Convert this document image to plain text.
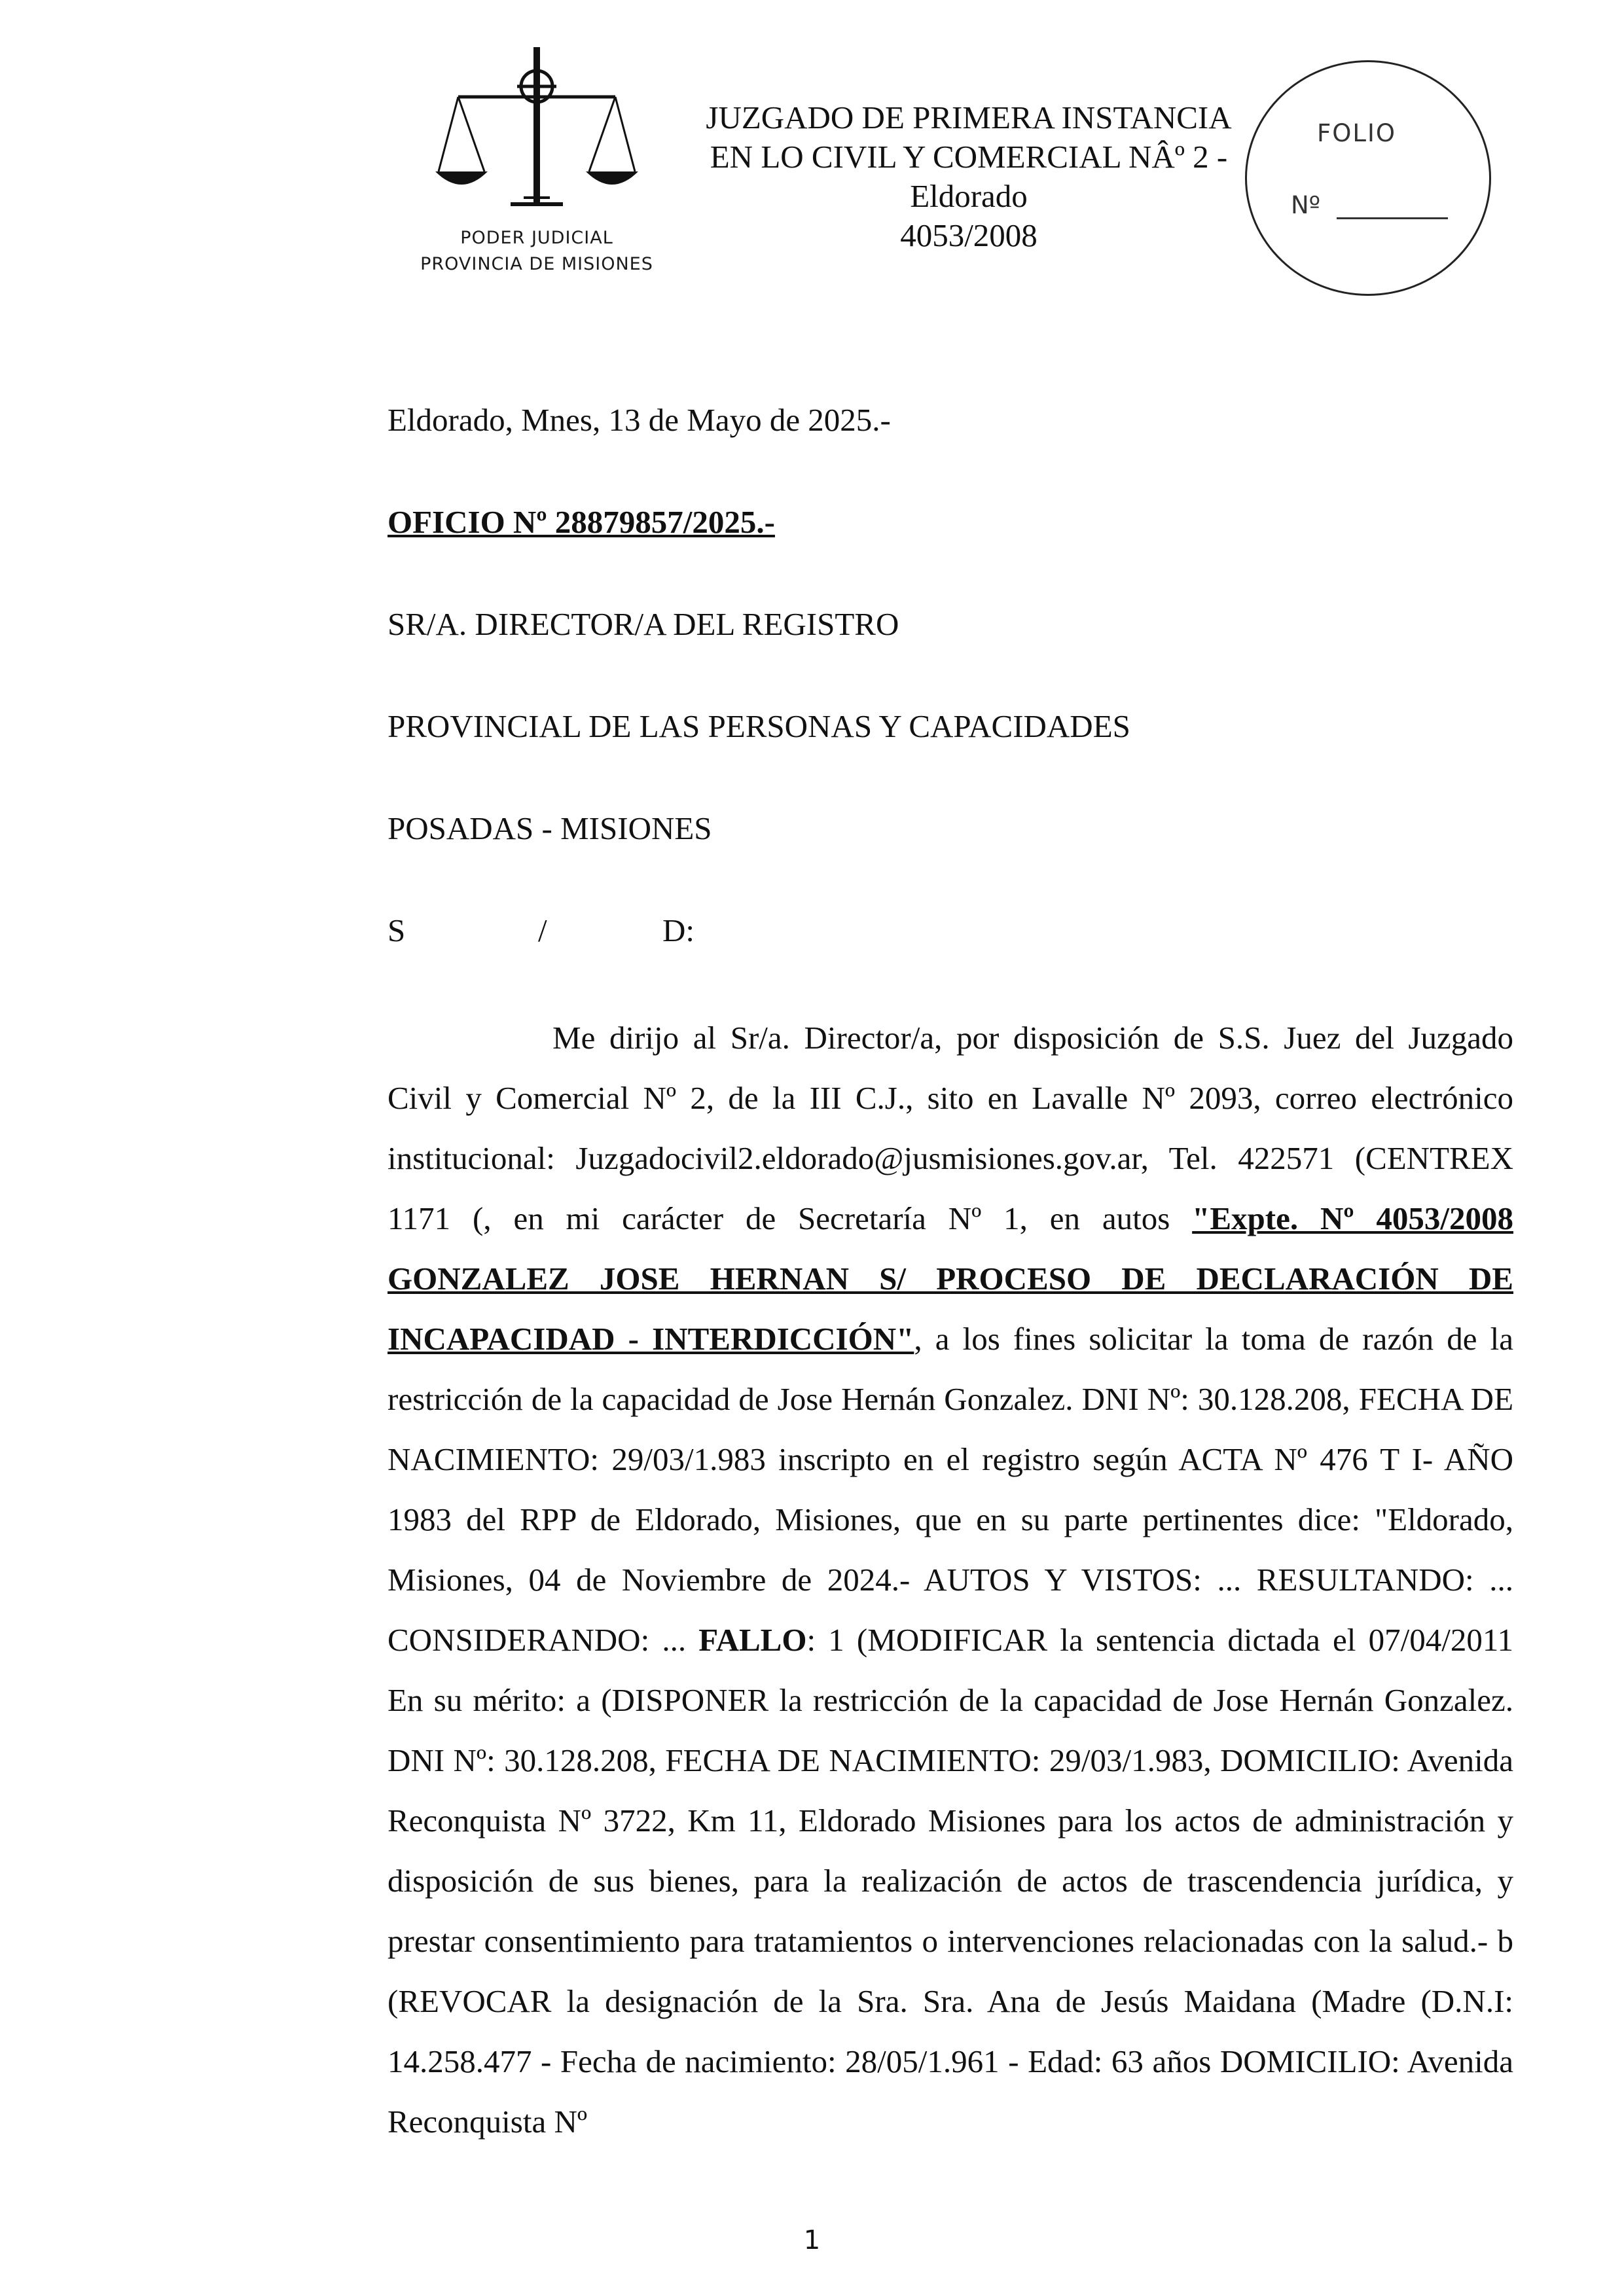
PODER JUDICIAL
PROVINCIA DE MISIONES
JUZGADO DE PRIMERA INSTANCIA
EN LO CIVIL Y COMERCIAL NÂº 2 -
Eldorado
4053/2008
FOLIO
Nº
Eldorado, Mnes, 13 de Mayo de 2025.-
OFICIO Nº 28879857/2025.-
SR/A. DIRECTOR/A DEL REGISTRO
PROVINCIAL DE LAS PERSONAS Y CAPACIDADES
POSADAS - MISIONES
S	/	D:

Me dirijo al Sr/a. Director/a, por disposición de S.S. Juez del Juzgado Civil y Comercial Nº 2, de la III C.J., sito en Lavalle Nº 2093, correo electrónico institucional: Juzgadocivil2.eldorado@jusmisiones.gov.ar, Tel. 422571 (CENTREX 1171 (, en mi carácter de Secretaría Nº 1, en autos "Expte. Nº 4053/2008 GONZALEZ JOSE HERNAN S/ PROCESO DE DECLARACIÓN DE INCAPACIDAD - INTERDICCIÓN", a los fines solicitar la toma de razón de la restricción de la capacidad de Jose Hernán Gonzalez. DNI Nº: 30.128.208, FECHA DE NACIMIENTO: 29/03/1.983 inscripto en el registro según ACTA Nº 476 T I- AÑO 1983 del RPP de Eldorado, Misiones, que en su parte pertinentes dice: "Eldorado, Misiones, 04 de Noviembre de 2024.- AUTOS Y VISTOS: ... RESULTANDO: ... CONSIDERANDO: ... FALLO: 1 (MODIFICAR la sentencia dictada el 07/04/2011 En su mérito: a (DISPONER la restricción de la capacidad de Jose Hernán Gonzalez. DNI Nº: 30.128.208, FECHA DE NACIMIENTO: 29/03/1.983, DOMICILIO: Avenida Reconquista Nº 3722, Km 11, Eldorado Misiones para los actos de administración y disposición de sus bienes, para la realización de actos de trascendencia jurídica, y prestar consentimiento para tratamientos o intervenciones relacionadas con la salud.- b (REVOCAR la designación de la Sra. Sra. Ana de Jesús Maidana (Madre (D.N.I: 14.258.477 - Fecha de nacimiento: 28/05/1.961 - Edad: 63 años DOMICILIO: Avenida Reconquista Nº

1
